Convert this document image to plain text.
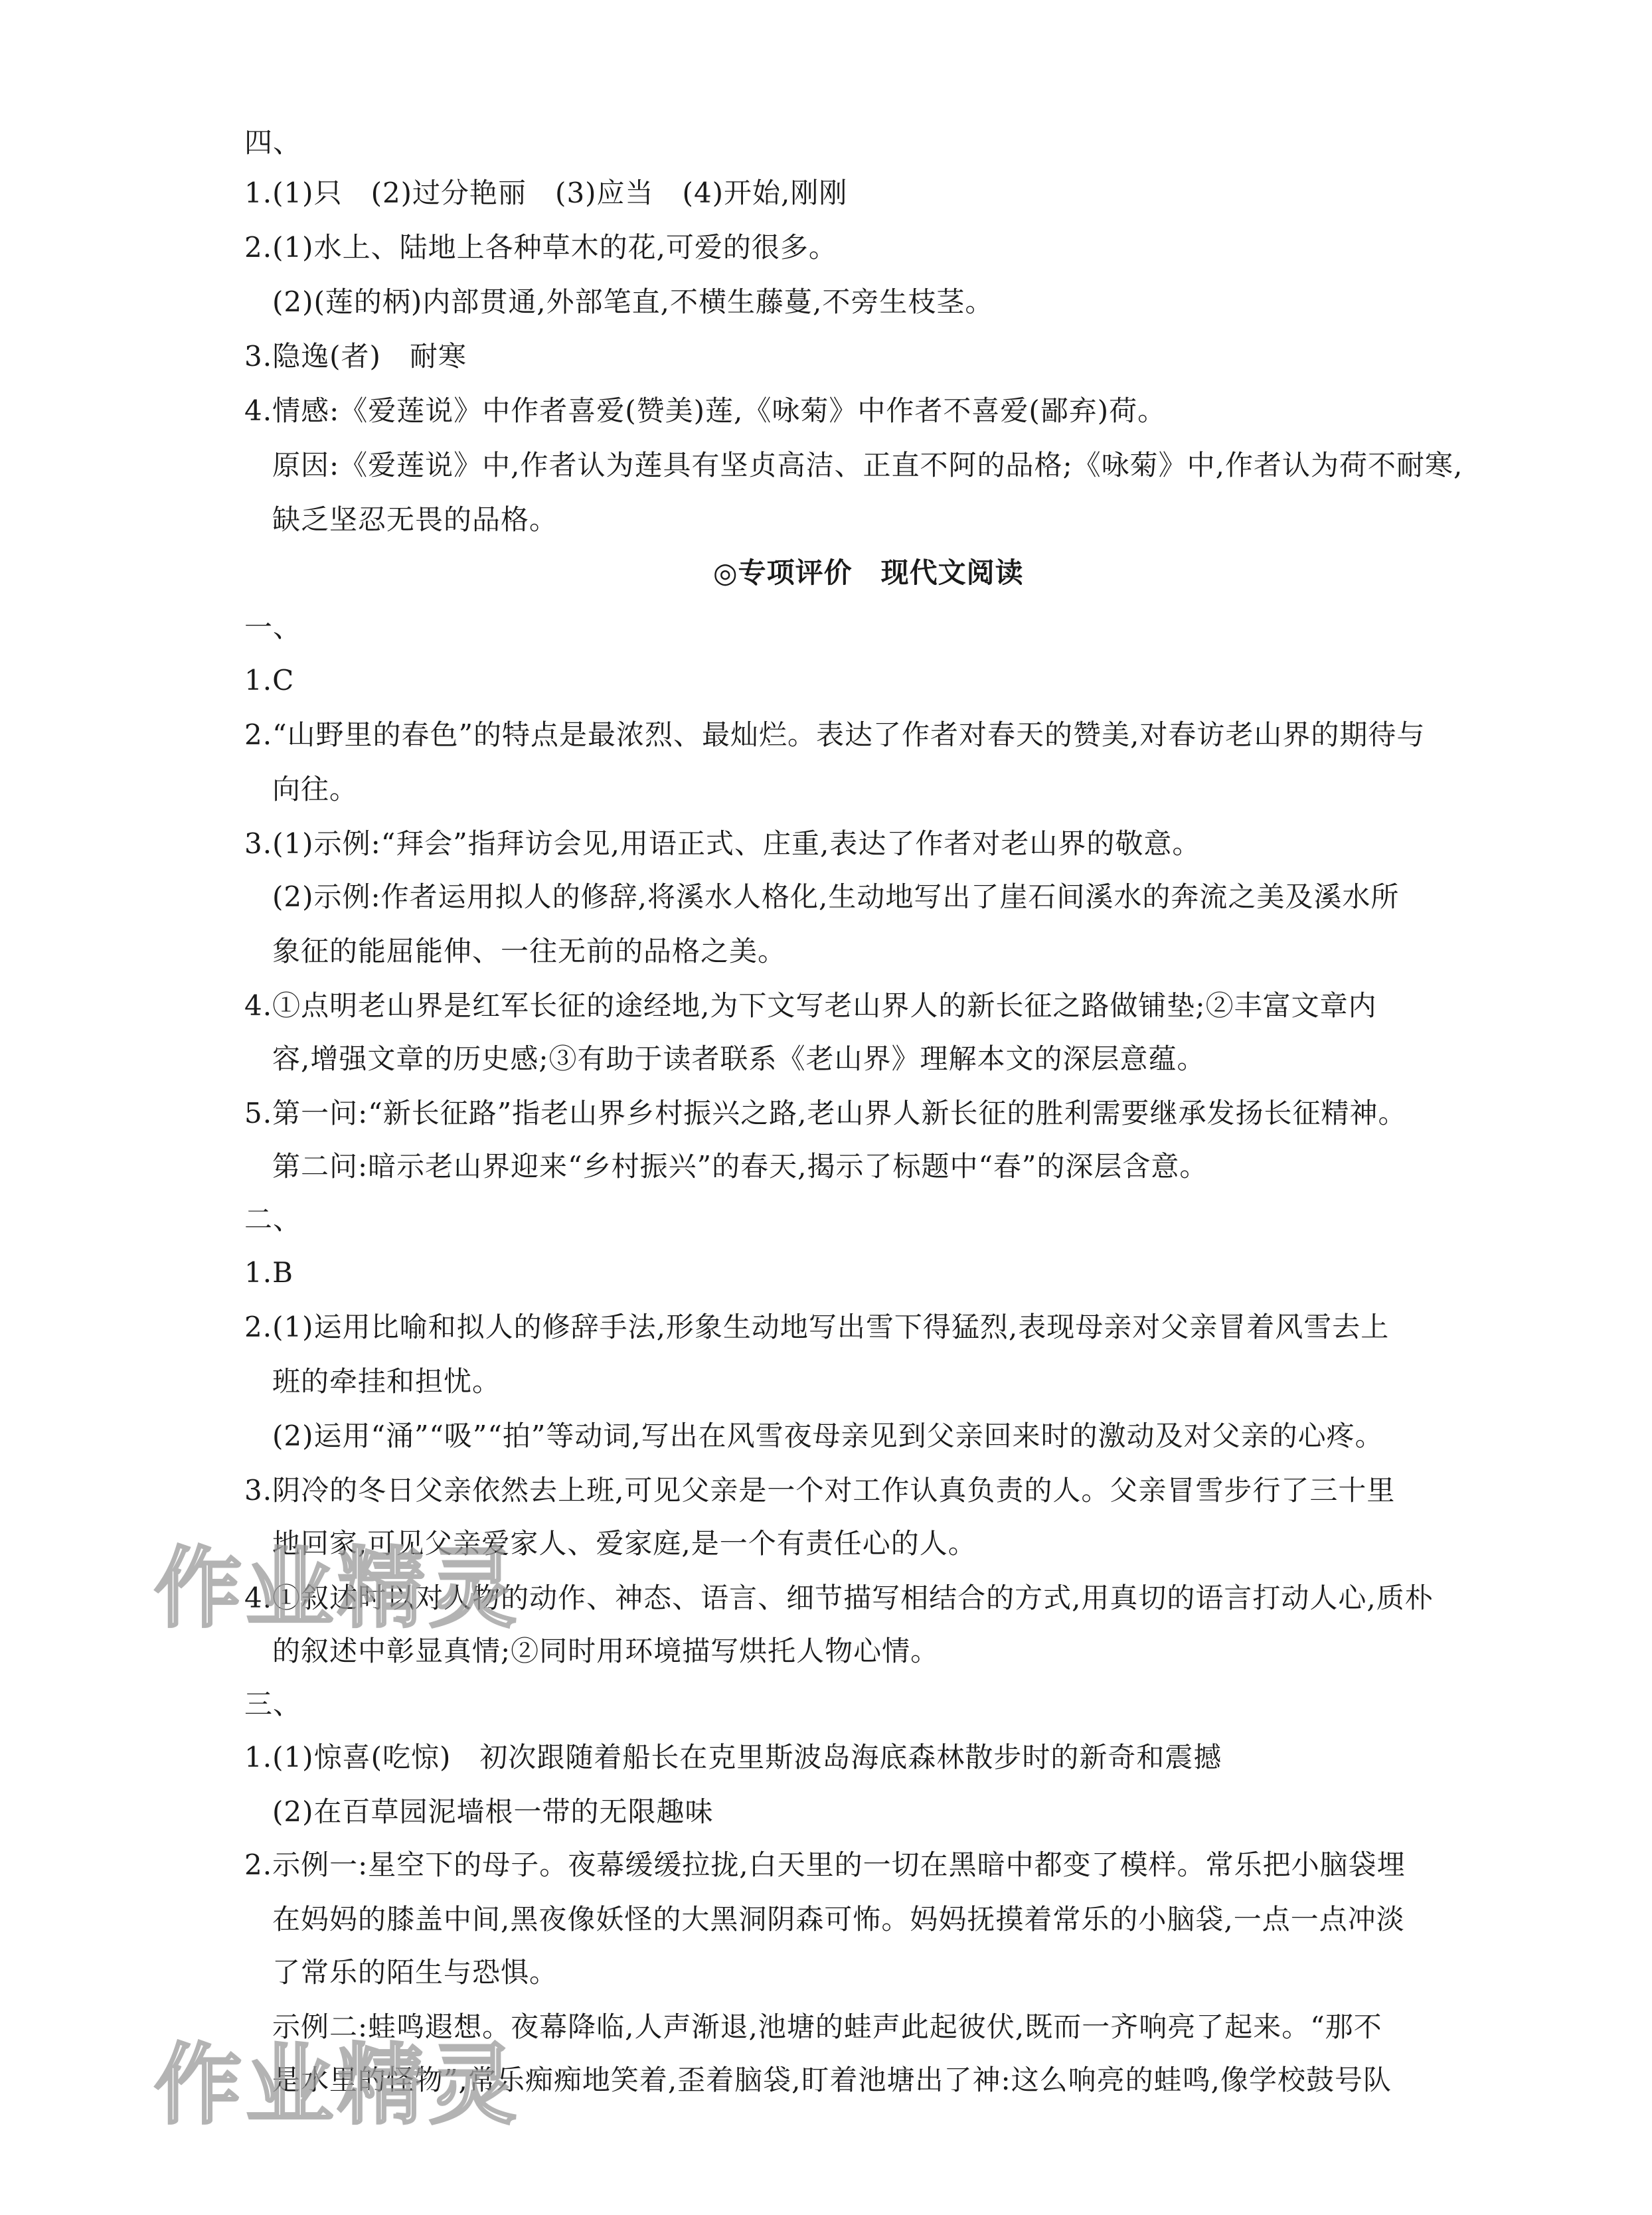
四、
1.(1)只　(2)过分艳丽　(3)应当　(4)开始,刚刚
2.(1)水上、陆地上各种草木的花,可爱的很多。
(2)(莲的柄)内部贯通,外部笔直,不横生藤蔓,不旁生枝茎。
3.隐逸(者)　耐寒
4.情感:《爱莲说》中作者喜爱(赞美)莲,《咏菊》中作者不喜爱(鄙弃)荷。
原因:《爱莲说》中,作者认为莲具有坚贞高洁、正直不阿的品格;《咏菊》中,作者认为荷不耐寒,
缺乏坚忍无畏的品格。
◎专项评价　现代文阅读
一、
1.C
2.“山野里的春色”的特点是最浓烈、最灿烂。表达了作者对春天的赞美,对春访老山界的期待与
向往。
3.(1)示例:“拜会”指拜访会见,用语正式、庄重,表达了作者对老山界的敬意。
(2)示例:作者运用拟人的修辞,将溪水人格化,生动地写出了崖石间溪水的奔流之美及溪水所
象征的能屈能伸、一往无前的品格之美。
4.①点明老山界是红军长征的途经地,为下文写老山界人的新长征之路做铺垫;②丰富文章内
容,增强文章的历史感;③有助于读者联系《老山界》理解本文的深层意蕴。
5.第一问:“新长征路”指老山界乡村振兴之路,老山界人新长征的胜利需要继承发扬长征精神。
第二问:暗示老山界迎来“乡村振兴”的春天,揭示了标题中“春”的深层含意。
二、
1.B
2.(1)运用比喻和拟人的修辞手法,形象生动地写出雪下得猛烈,表现母亲对父亲冒着风雪去上
班的牵挂和担忧。
(2)运用“涌”“吸”“拍”等动词,写出在风雪夜母亲见到父亲回来时的激动及对父亲的心疼。
3.阴冷的冬日父亲依然去上班,可见父亲是一个对工作认真负责的人。父亲冒雪步行了三十里
地回家,可见父亲爱家人、爱家庭,是一个有责任心的人。
4.①叙述时以对人物的动作、神态、语言、细节描写相结合的方式,用真切的语言打动人心,质朴
的叙述中彰显真情;②同时用环境描写烘托人物心情。
三、
1.(1)惊喜(吃惊)　初次跟随着船长在克里斯波岛海底森林散步时的新奇和震撼
(2)在百草园泥墙根一带的无限趣味
2.示例一:星空下的母子。夜幕缓缓拉拢,白天里的一切在黑暗中都变了模样。常乐把小脑袋埋
在妈妈的膝盖中间,黑夜像妖怪的大黑洞阴森可怖。妈妈抚摸着常乐的小脑袋,一点一点冲淡
了常乐的陌生与恐惧。
示例二:蛙鸣遐想。夜幕降临,人声渐退,池塘的蛙声此起彼伏,既而一齐响亮了起来。“那不
是水里的怪物”,常乐痴痴地笑着,歪着脑袋,盯着池塘出了神:这么响亮的蛙鸣,像学校鼓号队
作业精灵
作业精灵
